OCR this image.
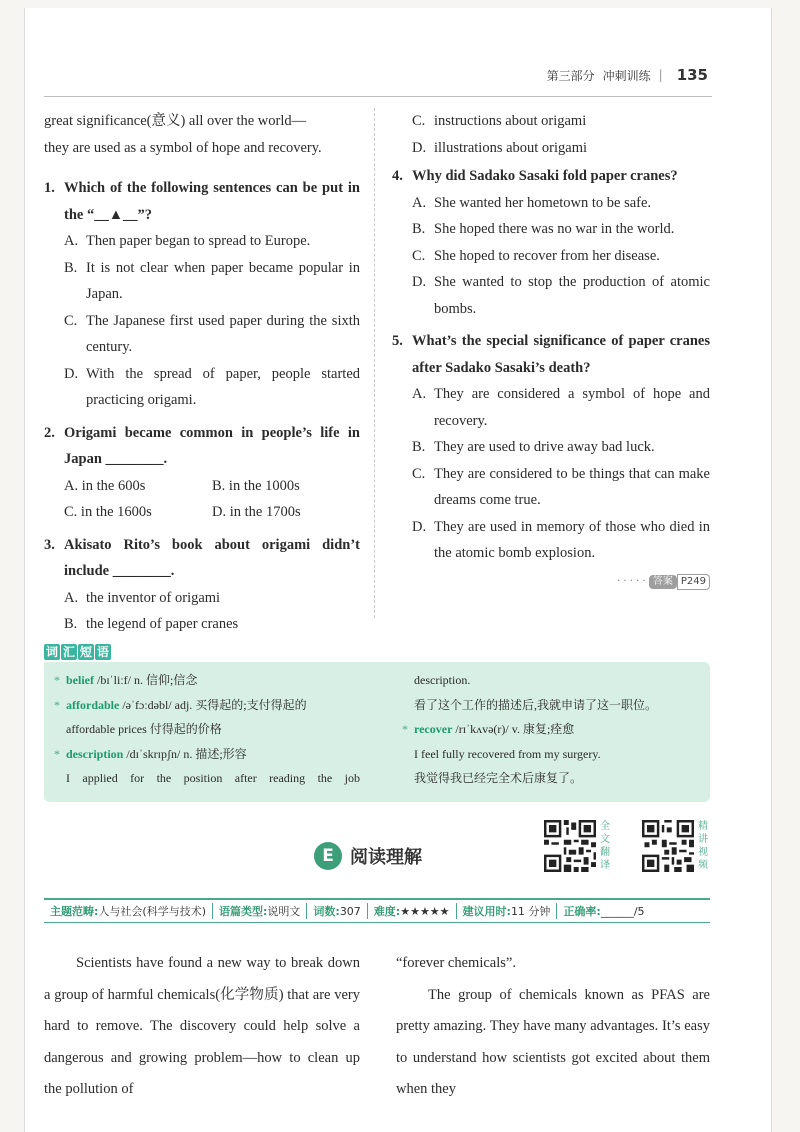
第三部分 冲刺训练 | 135

great significance(意义) all over the world—

they are used as a symbol of hope and recovery.

1. Which of the following sentences can be put in the “__▲__”?
A. Then paper began to spread to Europe.
B. It is not clear when paper became popular in Japan.
C. The Japanese first used paper during the sixth century.
D. With the spread of paper, people started practicing origami.
2. Origami became common in people’s life in Japan ________.
A. in the 600s	B. in the 1000s
C. in the 1600s	D. in the 1700s
3. Akisato Rito’s book about origami didn’t include ________.
A. the inventor of origami
B. the legend of paper cranes
C. instructions about origami
D. illustrations about origami
4. Why did Sadako Sasaki fold paper cranes?
A. She wanted her hometown to be safe.
B. She hoped there was no war in the world.
C. She hoped to recover from her disease.
D. She wanted to stop the production of atomic bombs.
5. What’s the special significance of paper cranes after Sadako Sasaki’s death?
A. They are considered a symbol of hope and recovery.
B. They are used to drive away bad luck.
C. They are considered to be things that can make dreams come true.
D. They are used in memory of those who died in the atomic bomb explosion.
· · · · · 答案 P249
词 汇 短 语
* belief /bɪˈliːf/ n. 信仰;信念
* affordable /əˈfɔːdəbl/ adj. 买得起的;支付得起的
affordable prices 付得起的价格
* description /dɪˈskrɪpʃn/ n. 描述;形容
I applied for the position after reading the job
description.
看了这个工作的描述后,我就申请了这一职位。
* recover /rɪˈkʌvə(r)/ v. 康复;痊愈
I feel fully recovered from my surgery.
我觉得我已经完全术后康复了。
E 阅读理解
全
文
翻
译
精
讲
视
频
主题范畴:人与社会(科学与技术)	语篇类型:说明文	词数:307	难度:★★★★★	建议用时:11 分钟	正确率:______/5

Scientists have found a new way to break down a group of harmful chemicals(化学物质) that are very hard to remove. The discovery could help solve a dangerous and growing problem—how to clean up the pollution of

“forever chemicals”.

The group of chemicals known as PFAS are pretty amazing. They have many advantages. It’s easy to understand how scientists got excited about them when they
